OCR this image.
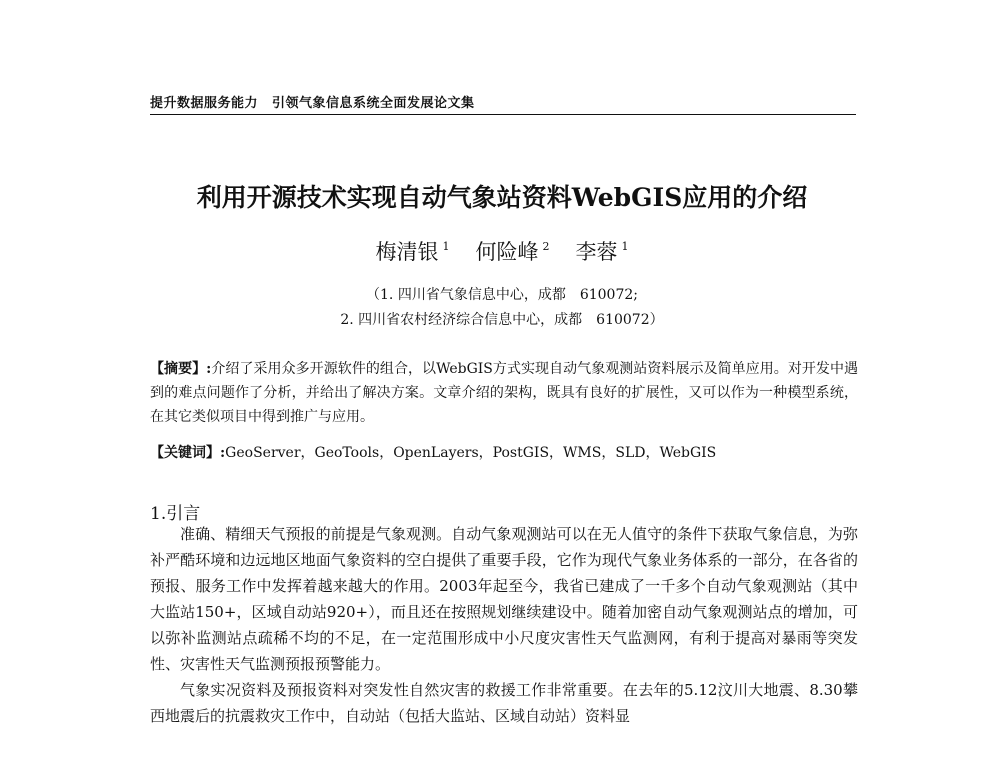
提升数据服务能力 引领气象信息系统全面发展论文集
利用开源技术实现自动气象站资料WebGIS应用的介绍
梅清银 $^1$ 何险峰 $^2$ 李蓉 $^1$
（1. 四川省气象信息中心，成都　610072;
2. 四川省农村经济综合信息中心，成都　610072）
【摘要】:介绍了采用众多开源软件的组合，以WebGIS方式实现自动气象观测站资料展示及简单应用。对开发中遇到的难点问题作了分析，并给出了解决方案。文章介绍的架构，既具有良好的扩展性，又可以作为一种模型系统，在其它类似项目中得到推广与应用。
【关键词】:GeoServer，GeoTools，OpenLayers，PostGIS，WMS，SLD，WebGIS
1.引言

准确、精细天气预报的前提是气象观测。自动气象观测站可以在无人值守的条件下获取气象信息，为弥补严酷环境和边远地区地面气象资料的空白提供了重要手段，它作为现代气象业务体系的一部分，在各省的预报、服务工作中发挥着越来越大的作用。2003年起至今，我省已建成了一千多个自动气象观测站（其中大监站150+，区域自动站920+），而且还在按照规划继续建设中。随着加密自动气象观测站点的增加，可以弥补监测站点疏稀不均的不足，在一定范围形成中小尺度灾害性天气监测网，有利于提高对暴雨等突发性、灾害性天气监测预报预警能力。

气象实况资料及预报资料对突发性自然灾害的救援工作非常重要。在去年的5.12汶川大地震、8.30攀西地震后的抗震救灾工作中，自动站（包括大监站、区域自动站）资料显
